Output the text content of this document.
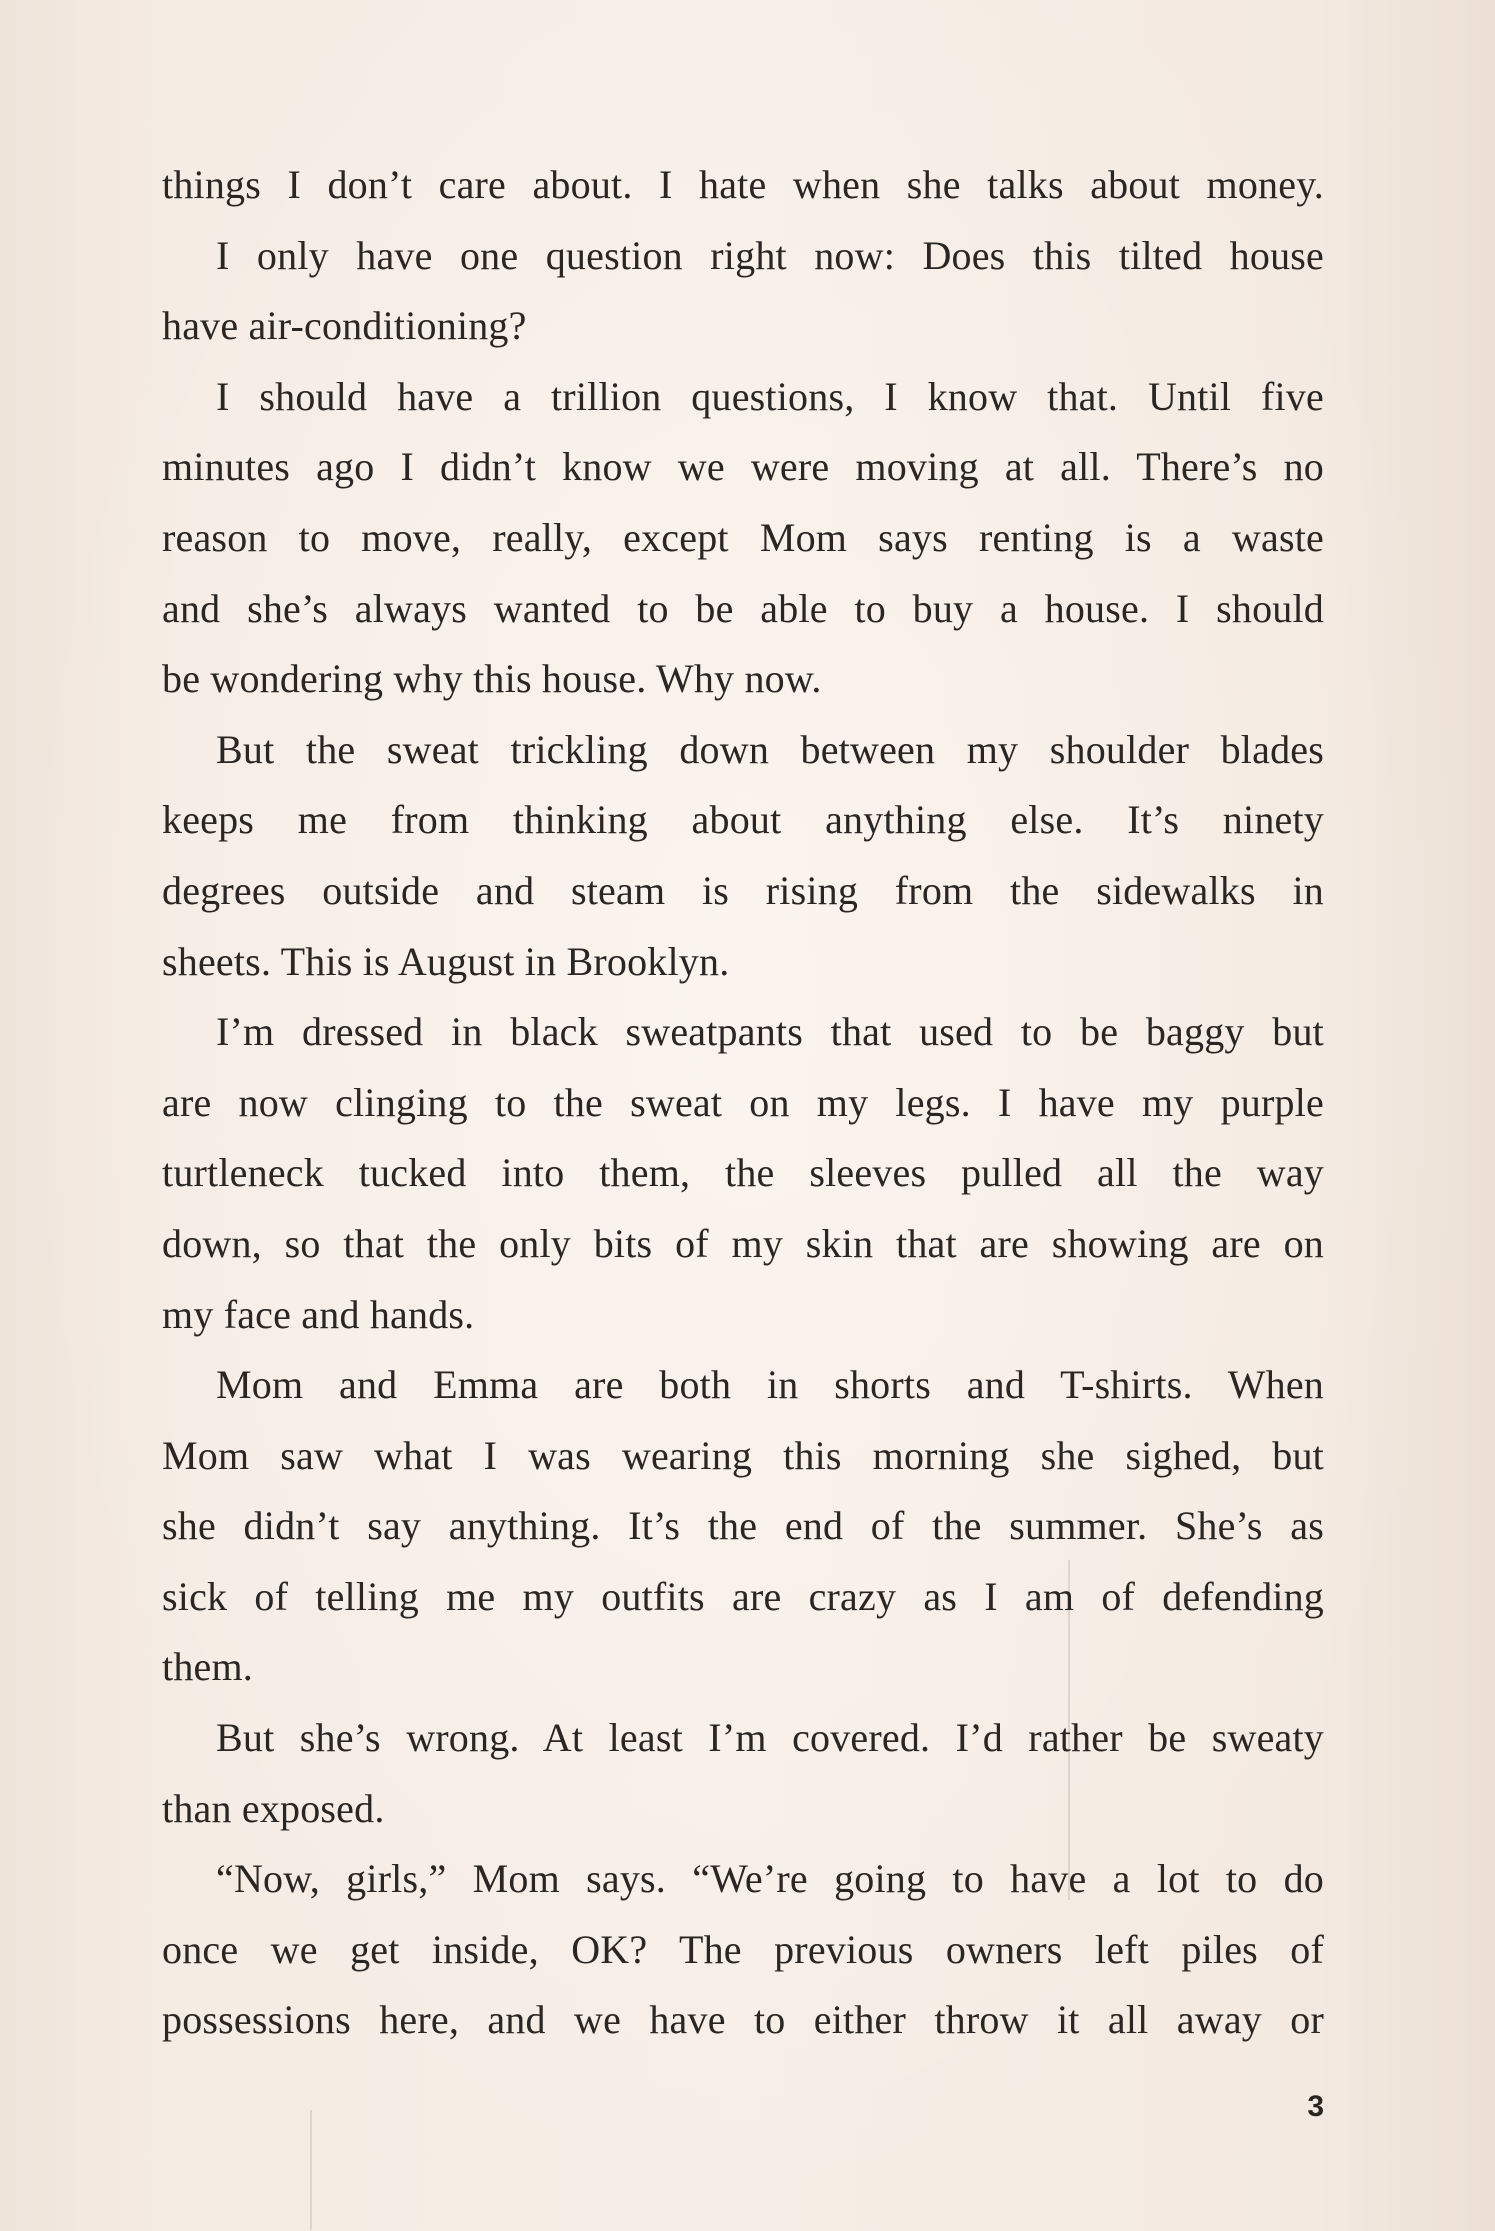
things I don’t care about. I hate when she talks about money.
I only have one question right now: Does this tilted house
have air-conditioning?
I should have a trillion questions, I know that. Until five
minutes ago I didn’t know we were moving at all. There’s no
reason to move, really, except Mom says renting is a waste
and she’s always wanted to be able to buy a house. I should
be wondering why this house. Why now.
But the sweat trickling down between my shoulder blades
keeps me from thinking about anything else. It’s ninety
degrees outside and steam is rising from the sidewalks in
sheets. This is August in Brooklyn.
I’m dressed in black sweatpants that used to be baggy but
are now clinging to the sweat on my legs. I have my purple
turtleneck tucked into them, the sleeves pulled all the way
down, so that the only bits of my skin that are showing are on
my face and hands.
Mom and Emma are both in shorts and T-shirts. When
Mom saw what I was wearing this morning she sighed, but
she didn’t say anything. It’s the end of the summer. She’s as
sick of telling me my outfits are crazy as I am of defending
them.
But she’s wrong. At least I’m covered. I’d rather be sweaty
than exposed.
“Now, girls,” Mom says. “We’re going to have a lot to do
once we get inside, OK? The previous owners left piles of
possessions here, and we have to either throw it all away or
3
